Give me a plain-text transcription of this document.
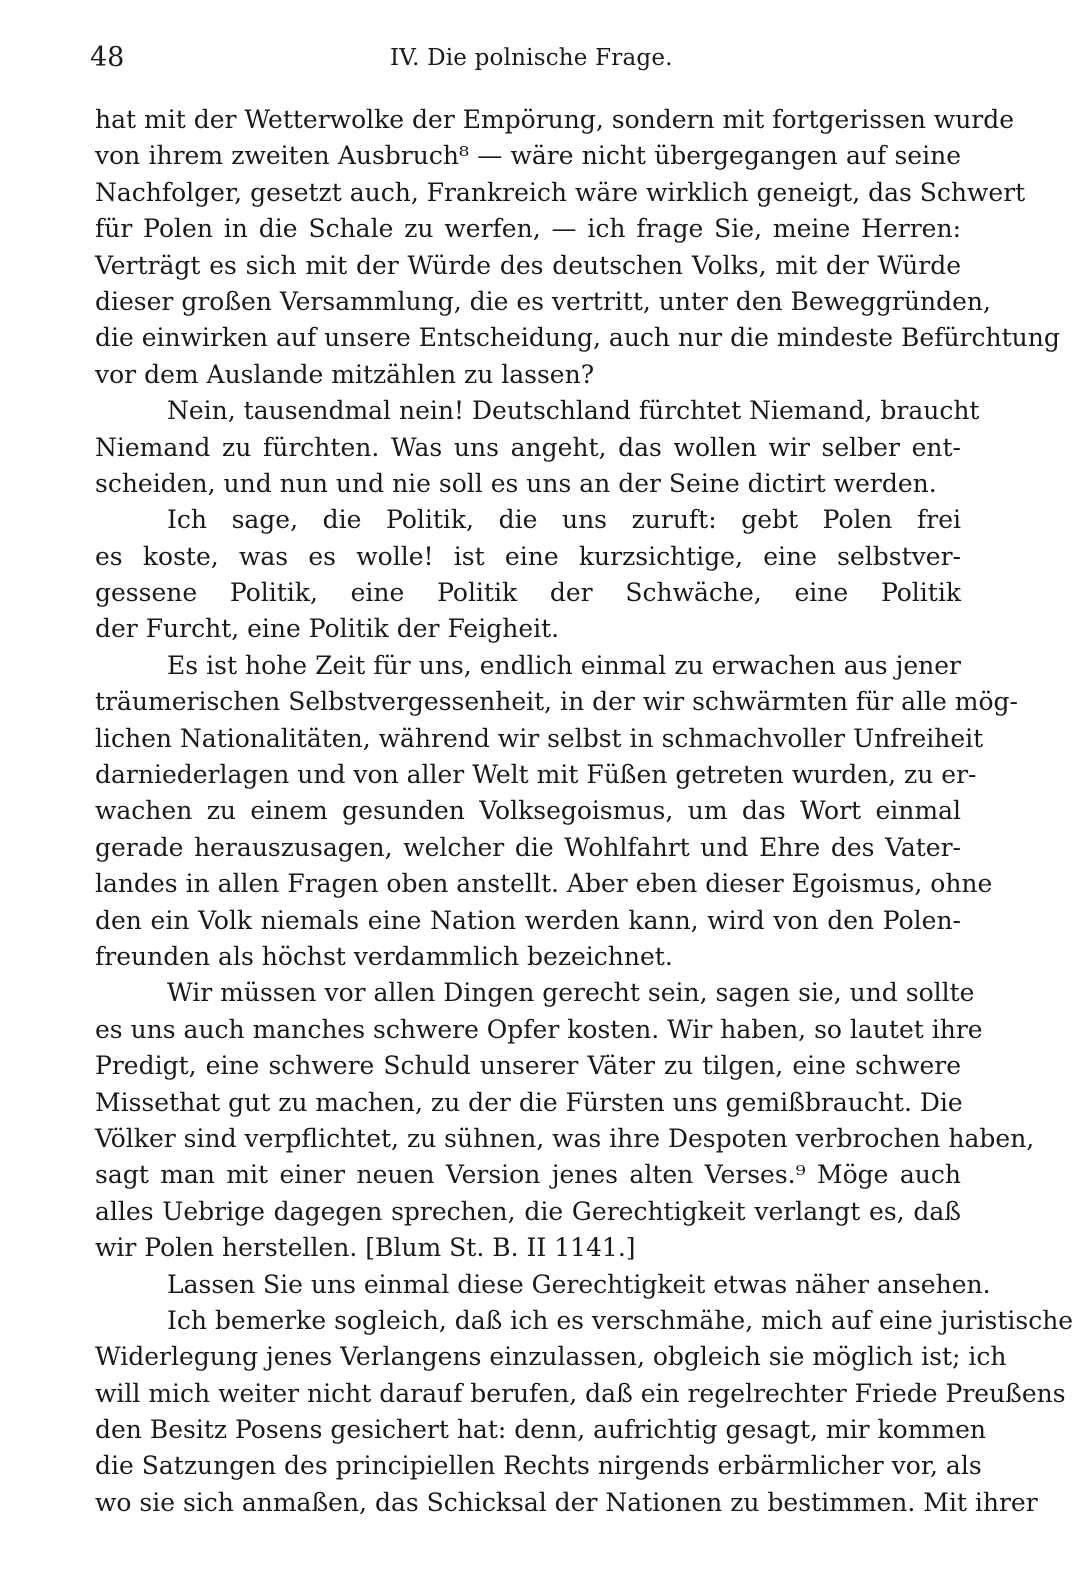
48	IV. Die polnische Frage.
hat mit der Wetterwolke der Empörung, sondern mit fortgerissen wurde
von ihrem zweiten Ausbruch⁸ — wäre nicht übergegangen auf seine
Nachfolger, gesetzt auch, Frankreich wäre wirklich geneigt, das Schwert
für Polen in die Schale zu werfen, — ich frage Sie, meine Herren:
Verträgt es sich mit der Würde des deutschen Volks, mit der Würde
dieser großen Versammlung, die es vertritt, unter den Beweggründen,
die einwirken auf unsere Entscheidung, auch nur die mindeste Befürchtung
vor dem Auslande mitzählen zu lassen?
Nein, tausendmal nein! Deutschland fürchtet Niemand, braucht
Niemand zu fürchten. Was uns angeht, das wollen wir selber ent-
scheiden, und nun und nie soll es uns an der Seine dictirt werden.
Ich sage, die Politik, die uns zuruft: gebt Polen frei
es koste, was es wolle! ist eine kurzsichtige, eine selbstver-
gessene Politik, eine Politik der Schwäche, eine Politik
der Furcht, eine Politik der Feigheit.
Es ist hohe Zeit für uns, endlich einmal zu erwachen aus jener
träumerischen Selbstvergessenheit, in der wir schwärmten für alle mög-
lichen Nationalitäten, während wir selbst in schmachvoller Unfreiheit
darniederlagen und von aller Welt mit Füßen getreten wurden, zu er-
wachen zu einem gesunden Volksegoismus, um das Wort einmal
gerade herauszusagen, welcher die Wohlfahrt und Ehre des Vater-
landes in allen Fragen oben anstellt. Aber eben dieser Egoismus, ohne
den ein Volk niemals eine Nation werden kann, wird von den Polen-
freunden als höchst verdammlich bezeichnet.
Wir müssen vor allen Dingen gerecht sein, sagen sie, und sollte
es uns auch manches schwere Opfer kosten. Wir haben, so lautet ihre
Predigt, eine schwere Schuld unserer Väter zu tilgen, eine schwere
Missethat gut zu machen, zu der die Fürsten uns gemißbraucht. Die
Völker sind verpflichtet, zu sühnen, was ihre Despoten verbrochen haben,
sagt man mit einer neuen Version jenes alten Verses.⁹ Möge auch
alles Uebrige dagegen sprechen, die Gerechtigkeit verlangt es, daß
wir Polen herstellen. [Blum St. B. II 1141.]
Lassen Sie uns einmal diese Gerechtigkeit etwas näher ansehen.
Ich bemerke sogleich, daß ich es verschmähe, mich auf eine juristische
Widerlegung jenes Verlangens einzulassen, obgleich sie möglich ist; ich
will mich weiter nicht darauf berufen, daß ein regelrechter Friede Preußens
den Besitz Posens gesichert hat: denn, aufrichtig gesagt, mir kommen
die Satzungen des principiellen Rechts nirgends erbärmlicher vor, als
wo sie sich anmaßen, das Schicksal der Nationen zu bestimmen. Mit ihrer
